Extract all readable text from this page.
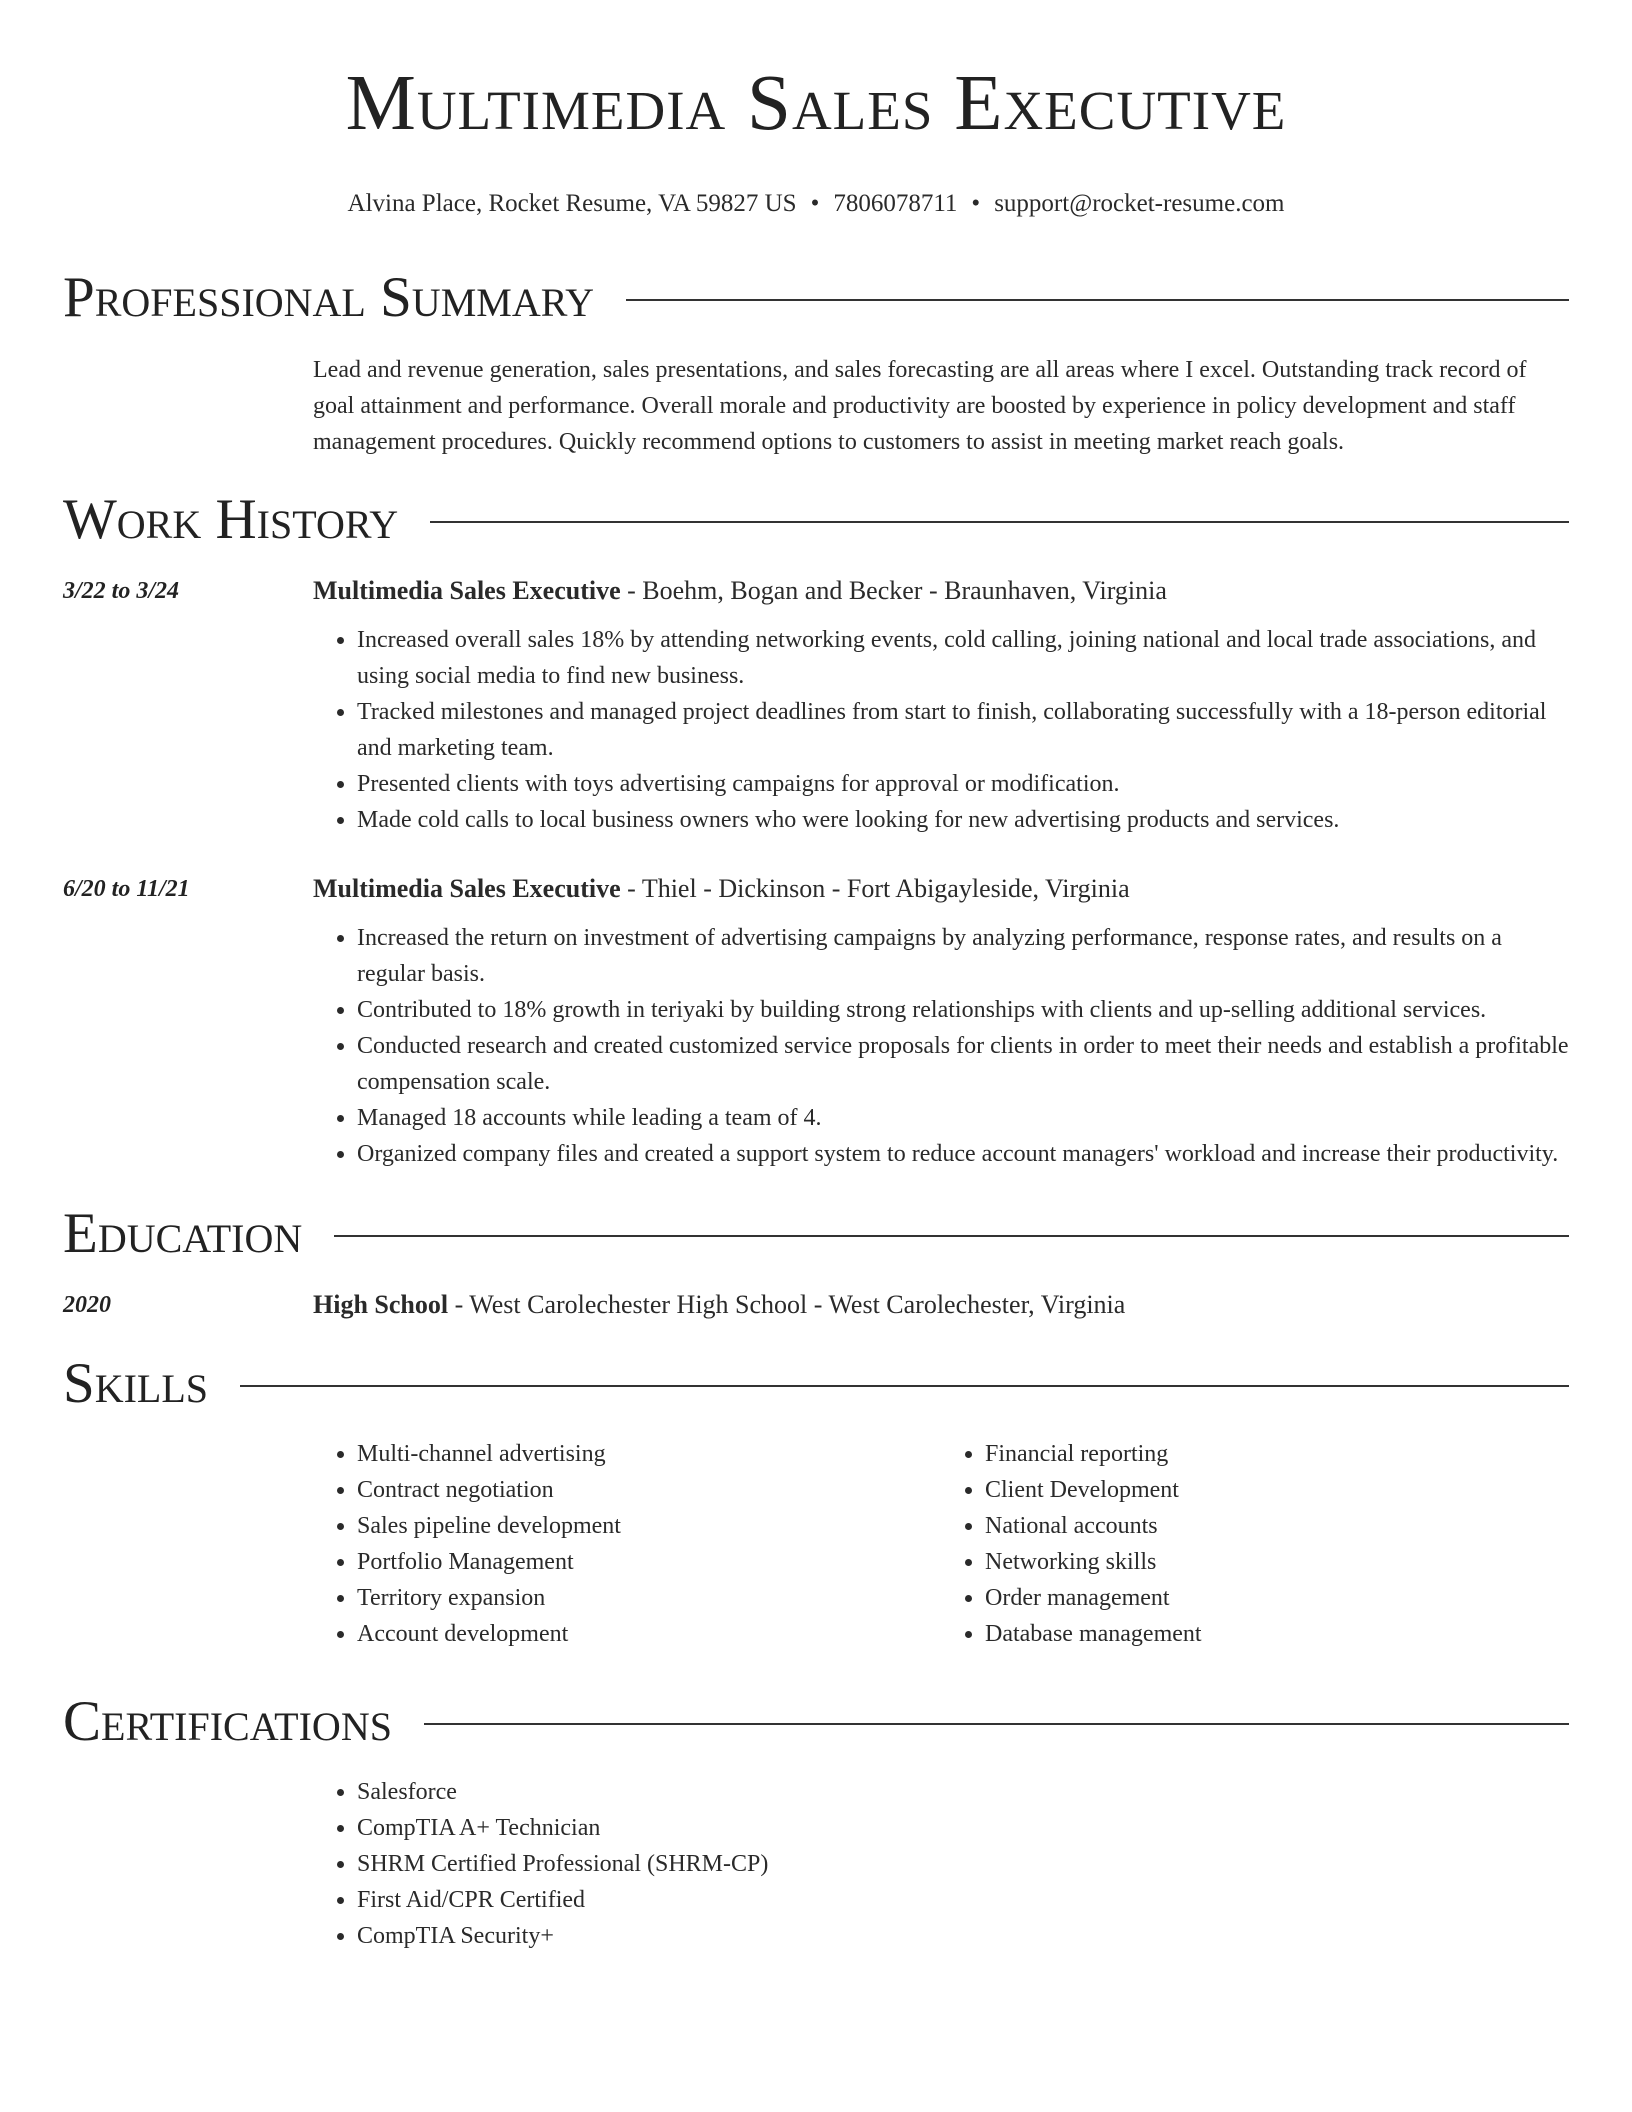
Multimedia Sales Executive
Alvina Place, Rocket Resume, VA 59827 US • 7806078711 • support@rocket-resume.com
Professional Summary
Lead and revenue generation, sales presentations, and sales forecasting are all areas where I excel. Outstanding track record of goal attainment and performance. Overall morale and productivity are boosted by experience in policy development and staff management procedures. Quickly recommend options to customers to assist in meeting market reach goals.
Work History
3/22 to 3/24	Multimedia Sales Executive - Boehm, Bogan and Becker - Braunhaven, Virginia
• Increased overall sales 18% by attending networking events, cold calling, joining national and local trade associations, and using social media to find new business.
• Tracked milestones and managed project deadlines from start to finish, collaborating successfully with a 18-person editorial and marketing team.
• Presented clients with toys advertising campaigns for approval or modification.
• Made cold calls to local business owners who were looking for new advertising products and services.
6/20 to 11/21	Multimedia Sales Executive - Thiel - Dickinson - Fort Abigayleside, Virginia
• Increased the return on investment of advertising campaigns by analyzing performance, response rates, and results on a regular basis.
• Contributed to 18% growth in teriyaki by building strong relationships with clients and up-selling additional services.
• Conducted research and created customized service proposals for clients in order to meet their needs and establish a profitable compensation scale.
• Managed 18 accounts while leading a team of 4.
• Organized company files and created a support system to reduce account managers' workload and increase their productivity.
Education
2020	High School - West Carolechester High School - West Carolechester, Virginia
Skills
• Multi-channel advertising
• Contract negotiation
• Sales pipeline development
• Portfolio Management
• Territory expansion
• Account development
• Financial reporting
• Client Development
• National accounts
• Networking skills
• Order management
• Database management
Certifications
• Salesforce
• CompTIA A+ Technician
• SHRM Certified Professional (SHRM-CP)
• First Aid/CPR Certified
• CompTIA Security+
